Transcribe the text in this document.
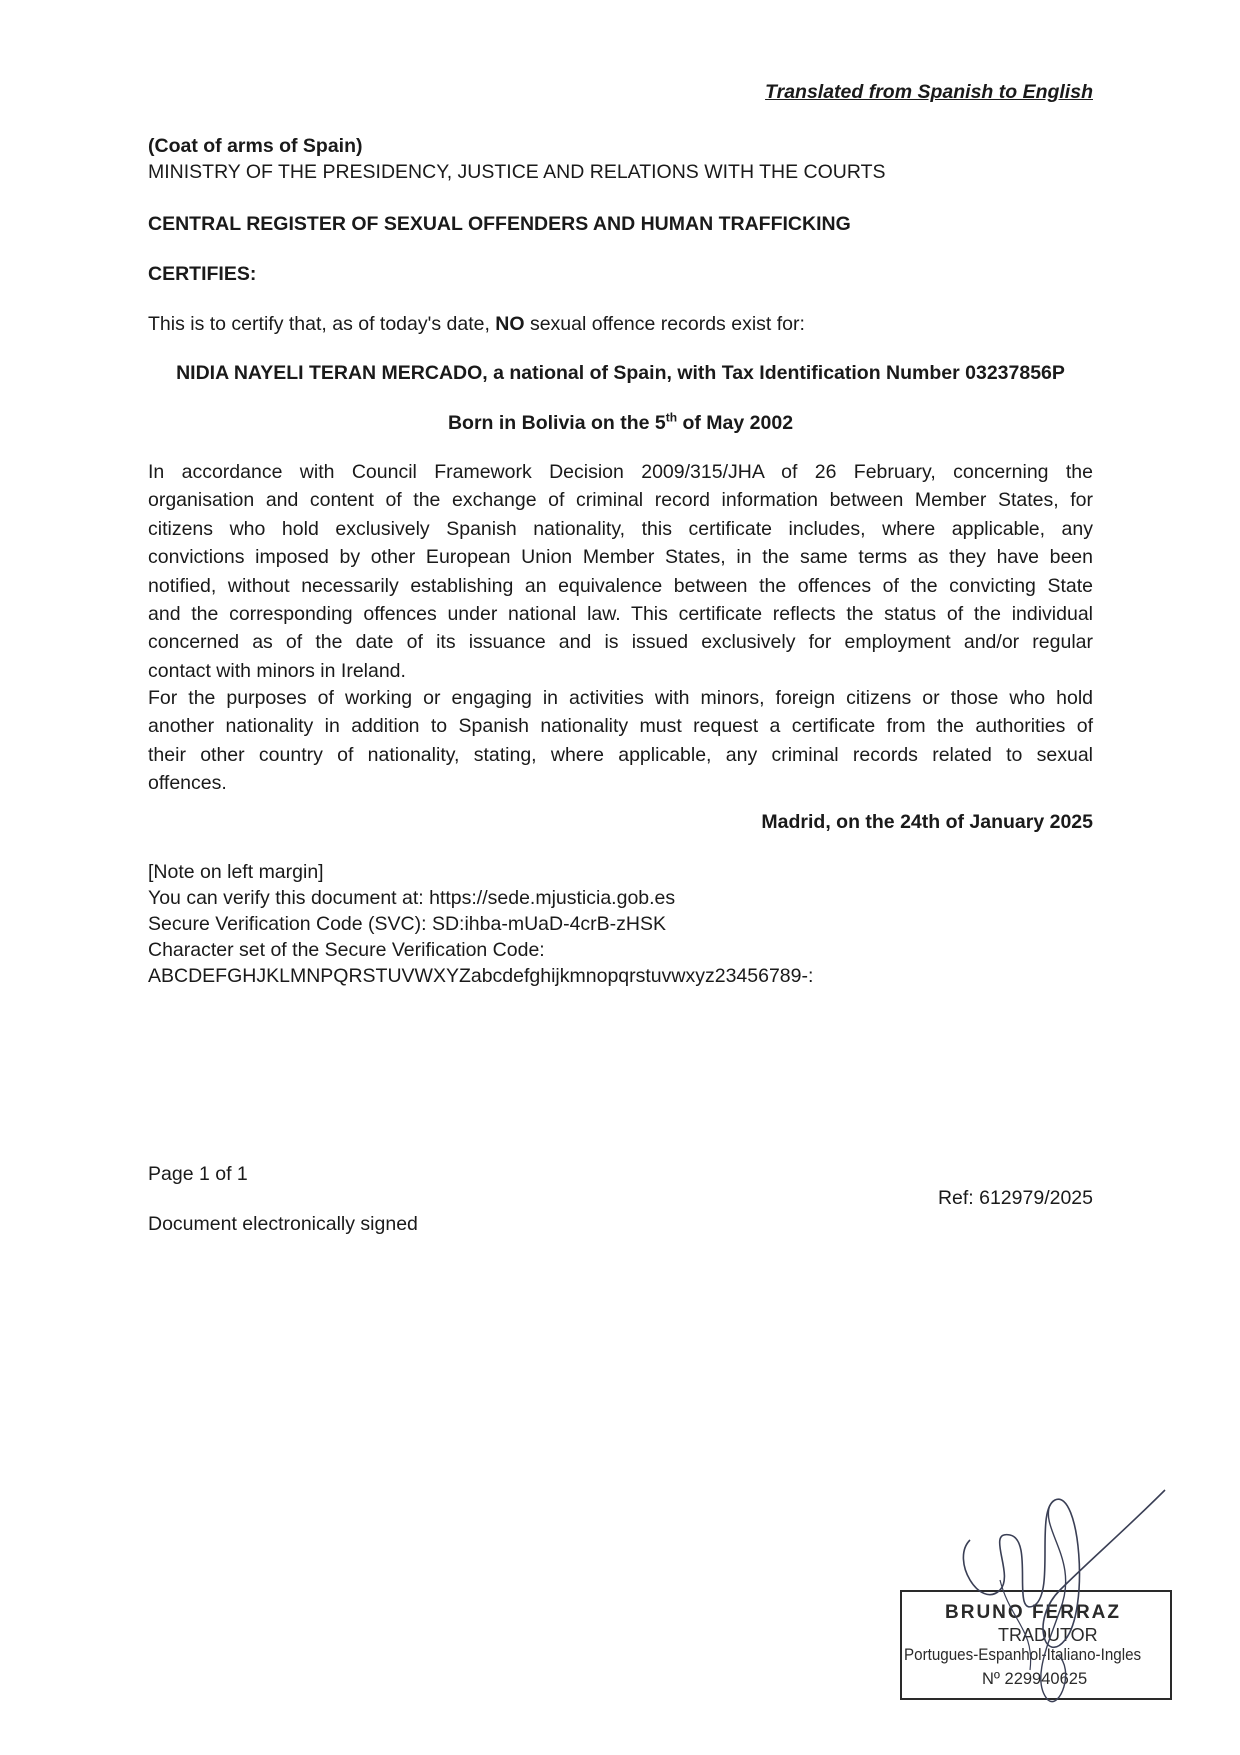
Translated from Spanish to English
(Coat of arms of Spain)
MINISTRY OF THE PRESIDENCY, JUSTICE AND RELATIONS WITH THE COURTS
CENTRAL REGISTER OF SEXUAL OFFENDERS AND HUMAN TRAFFICKING
CERTIFIES:
This is to certify that, as of today's date, NO sexual offence records exist for:
NIDIA NAYELI TERAN MERCADO, a national of Spain, with Tax Identification Number 03237856P
Born in Bolivia on the 5th of May 2002
In accordance with Council Framework Decision 2009/315/JHA of 26 February, concerning the
organisation and content of the exchange of criminal record information between Member States, for
citizens who hold exclusively Spanish nationality, this certificate includes, where applicable, any
convictions imposed by other European Union Member States, in the same terms as they have been
notified, without necessarily establishing an equivalence between the offences of the convicting State
and the corresponding offences under national law. This certificate reflects the status of the individual
concerned as of the date of its issuance and is issued exclusively for employment and/or regular
contact with minors in Ireland.
For the purposes of working or engaging in activities with minors, foreign citizens or those who hold
another nationality in addition to Spanish nationality must request a certificate from the authorities of
their other country of nationality, stating, where applicable, any criminal records related to sexual
offences.
Madrid, on the 24th of January 2025
[Note on left margin]
You can verify this document at: https://sede.mjusticia.gob.es
Secure Verification Code (SVC): SD:ihba-mUaD-4crB-zHSK
Character set of the Secure Verification Code:
ABCDEFGHJKLMNPQRSTUVWXYZabcdefghijkmnopqrstuvwxyz23456789-:
Page 1 of 1
Ref: 612979/2025
Document electronically signed
BRUNO FERRAZ
TRADUTOR
Portugues-Espanhol-Italiano-Ingles
Nº 229940625
